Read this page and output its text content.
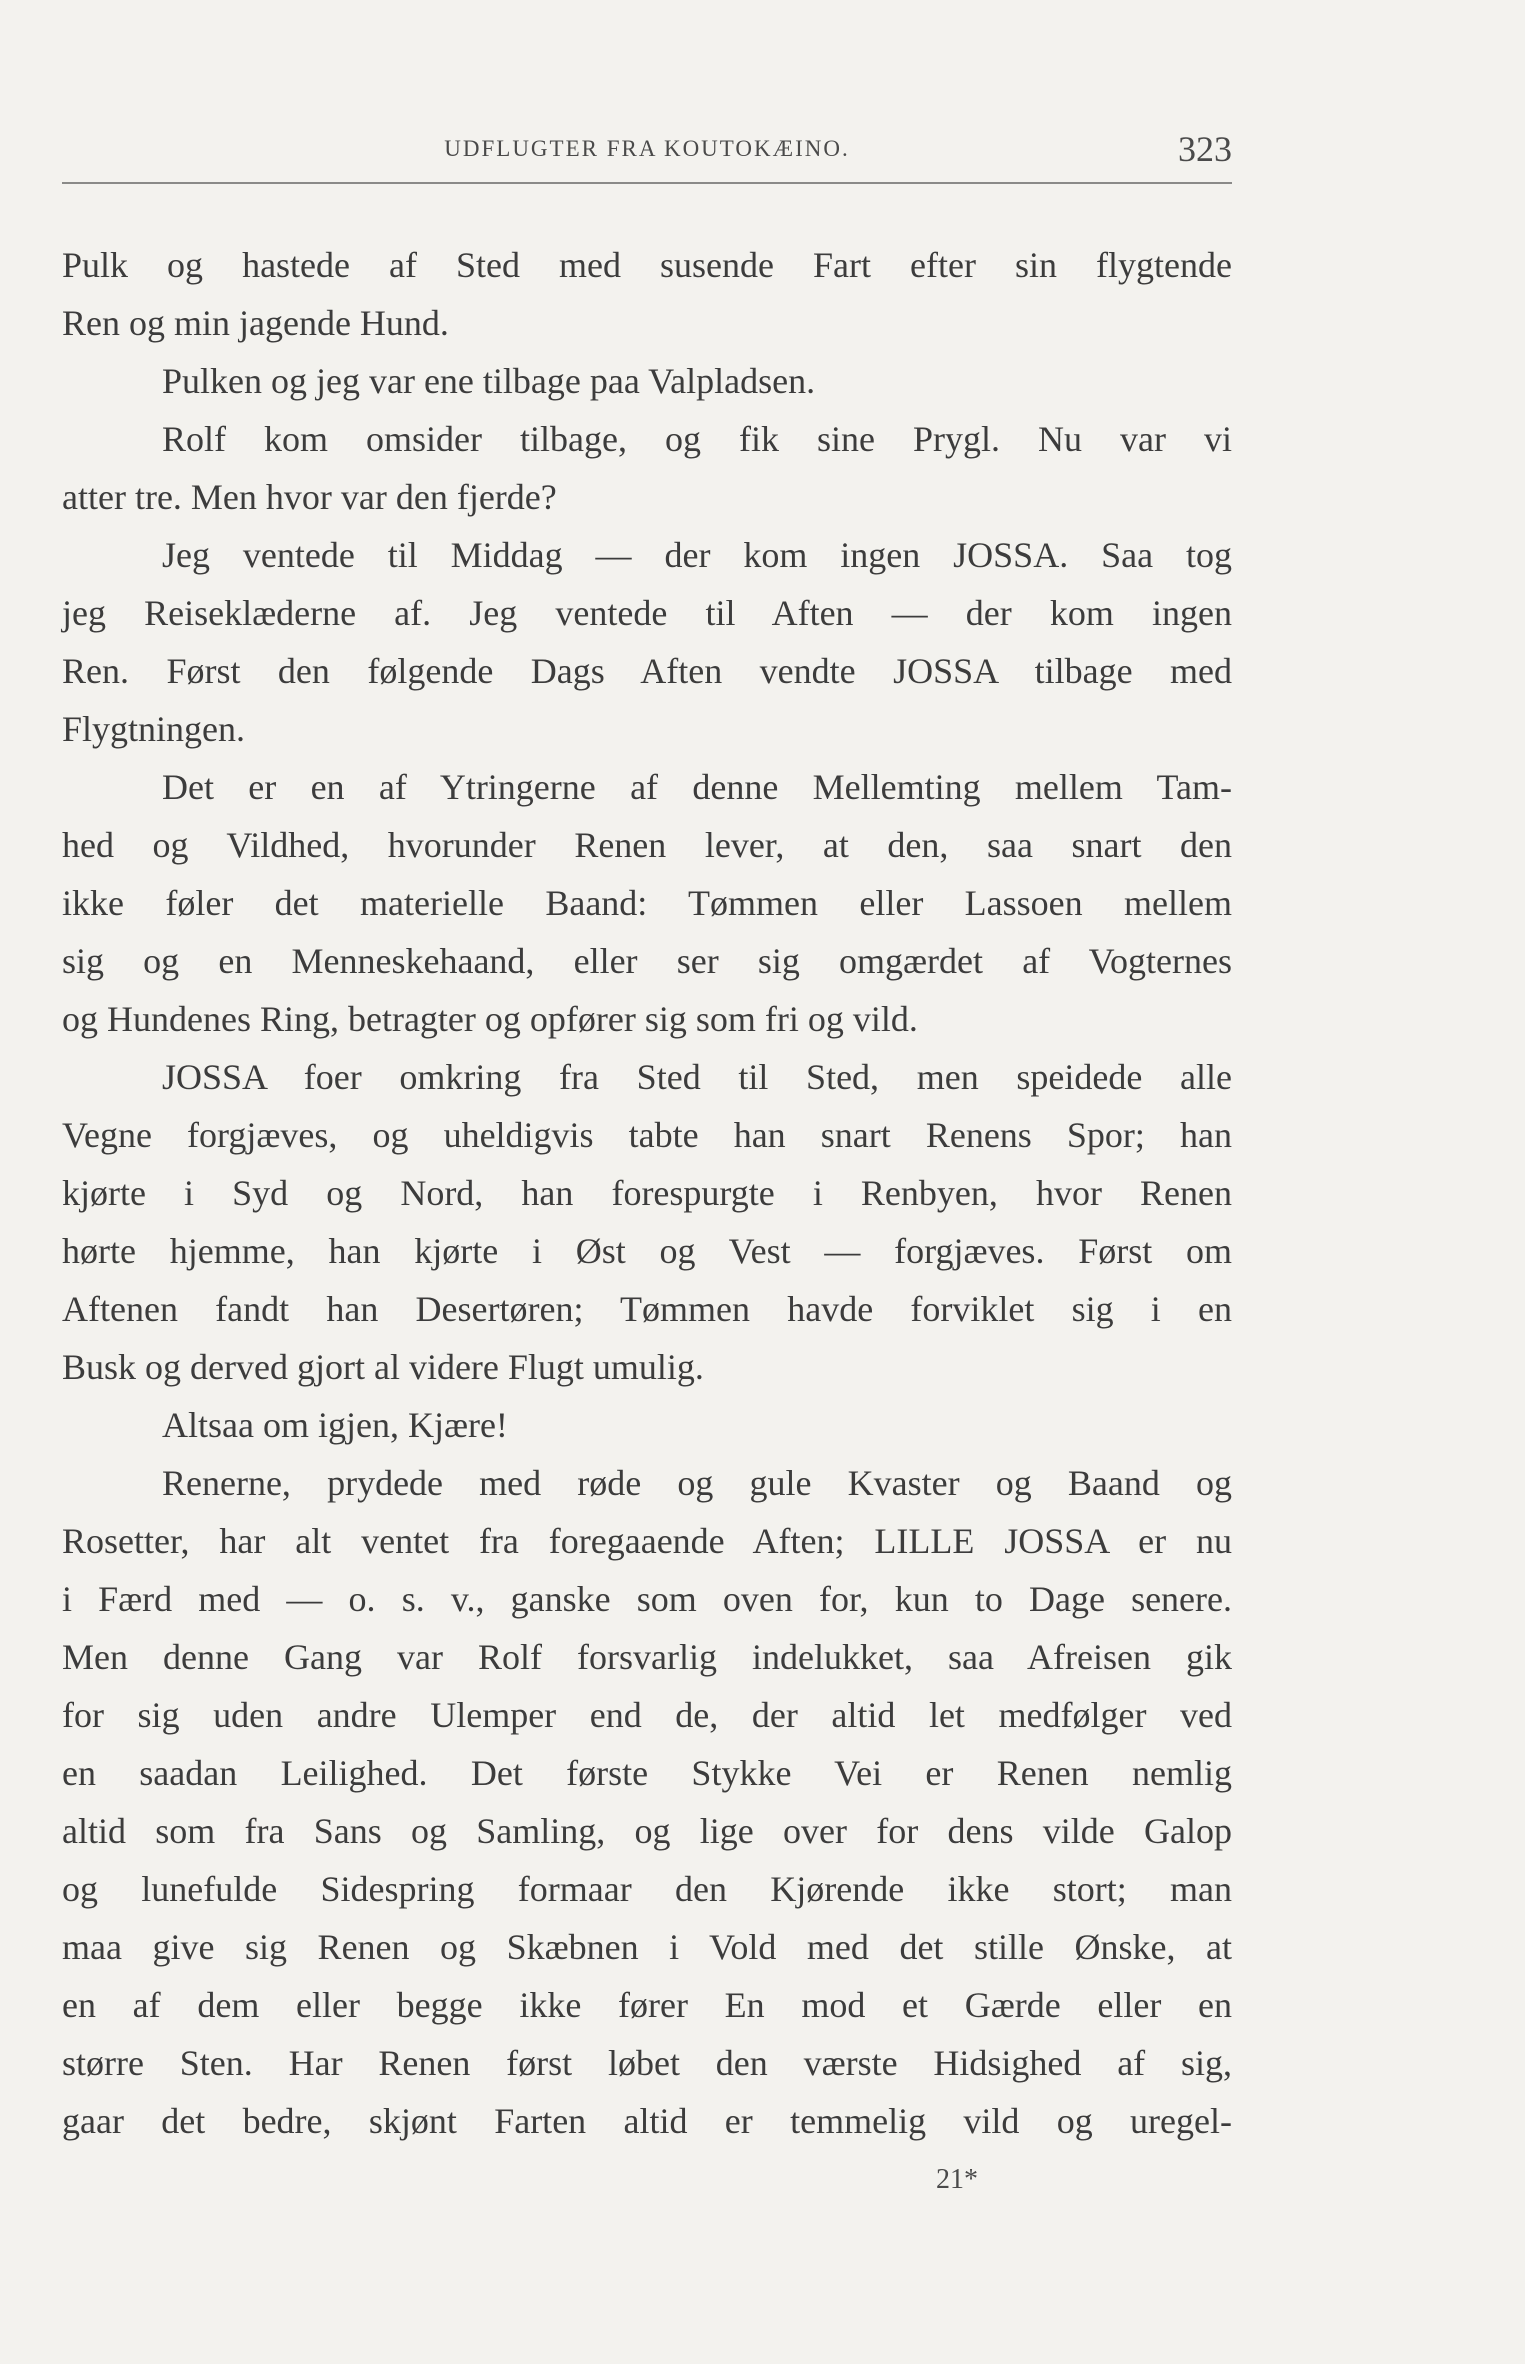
UDFLUGTER FRA KOUTOKÆINO.	323
Pulk og hastede af Sted med susende Fart efter sin flygtende
Ren og min jagende Hund.
Pulken og jeg var ene tilbage paa Valpladsen.
Rolf kom omsider tilbage, og fik sine Prygl. Nu var vi
atter tre. Men hvor var den fjerde?
Jeg ventede til Middag — der kom ingen JOSSA. Saa tog
jeg Reiseklæderne af. Jeg ventede til Aften — der kom ingen
Ren. Først den følgende Dags Aften vendte JOSSA tilbage med
Flygtningen.
Det er en af Ytringerne af denne Mellemting mellem Tam-
hed og Vildhed, hvorunder Renen lever, at den, saa snart den
ikke føler det materielle Baand: Tømmen eller Lassoen mellem
sig og en Menneskehaand, eller ser sig omgærdet af Vogternes
og Hundenes Ring, betragter og opfører sig som fri og vild.
JOSSA foer omkring fra Sted til Sted, men speidede alle
Vegne forgjæves, og uheldigvis tabte han snart Renens Spor; han
kjørte i Syd og Nord, han forespurgte i Renbyen, hvor Renen
hørte hjemme, han kjørte i Øst og Vest — forgjæves. Først om
Aftenen fandt han Desertøren; Tømmen havde forviklet sig i en
Busk og derved gjort al videre Flugt umulig.
Altsaa om igjen, Kjære!
Renerne, prydede med røde og gule Kvaster og Baand og
Rosetter, har alt ventet fra foregaaende Aften; LILLE JOSSA er nu
i Færd med — o. s. v., ganske som oven for, kun to Dage senere.
Men denne Gang var Rolf forsvarlig indelukket, saa Afreisen gik
for sig uden andre Ulemper end de, der altid let medfølger ved
en saadan Leilighed. Det første Stykke Vei er Renen nemlig
altid som fra Sans og Samling, og lige over for dens vilde Galop
og lunefulde Sidespring formaar den Kjørende ikke stort; man
maa give sig Renen og Skæbnen i Vold med det stille Ønske, at
en af dem eller begge ikke fører En mod et Gærde eller en
større Sten. Har Renen først løbet den værste Hidsighed af sig,
gaar det bedre, skjønt Farten altid er temmelig vild og uregel-
21*
